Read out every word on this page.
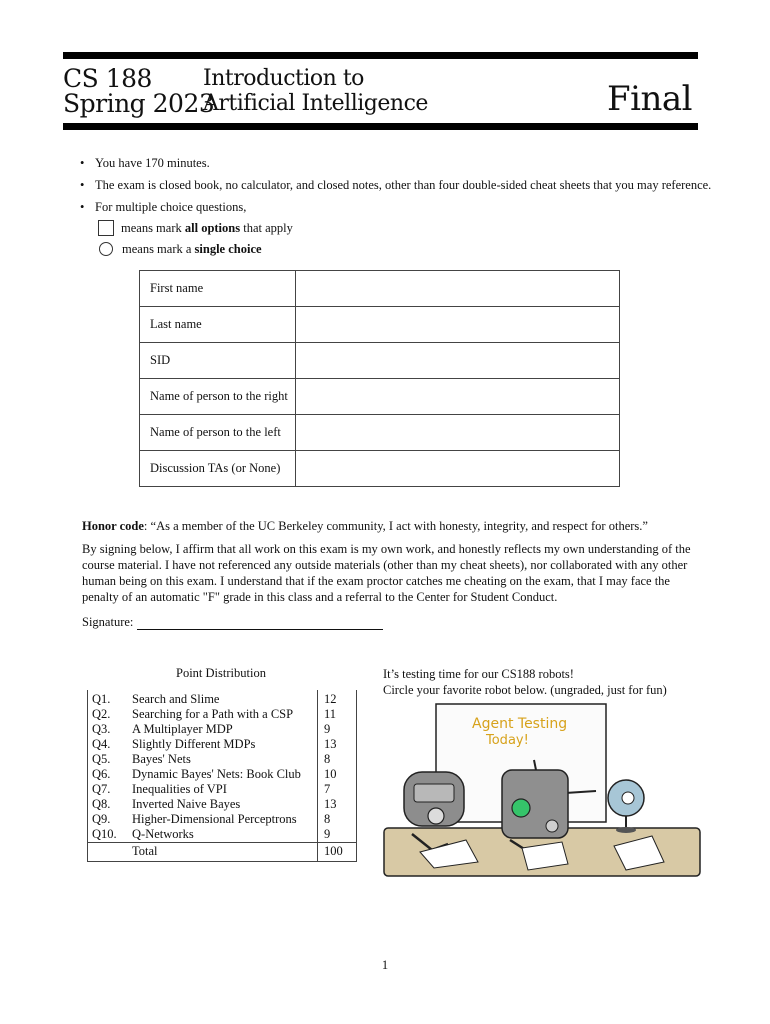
CS 188
Spring 2023
Introduction to
Artificial Intelligence	Final
• You have 170 minutes.
• The exam is closed book, no calculator, and closed notes, other than four double-sided cheat sheets that you may reference.
• For multiple choice questions,
means mark all options that apply
means mark a single choice
First name	
Last name	
SID	
Name of person to the right	
Name of person to the left	
Discussion TAs (or None)	
Honor code: “As a member of the UC Berkeley community, I act with honesty, integrity, and respect for others.”
By signing below, I affirm that all work on this exam is my own work, and honestly reflects my own understanding of the course material. I have not referenced any outside materials (other than my cheat sheets), nor collaborated with any other human being on this exam. I understand that if the exam proctor catches me cheating on the exam, that I may face the penalty of an automatic "F" grade in this class and a referral to the Center for Student Conduct.
Signature:
Point Distribution
Q1.	Search and Slime	12
Q2.	Searching for a Path with a CSP	11
Q3.	A Multiplayer MDP	9
Q4.	Slightly Different MDPs	13
Q5.	Bayes' Nets	8
Q6.	Dynamic Bayes' Nets: Book Club	10
Q7.	Inequalities of VPI	7
Q8.	Inverted Naive Bayes	13
Q9.	Higher-Dimensional Perceptrons	8
Q10.	Q-Networks	9
	Total	100
It’s testing time for our CS188 robots!
Circle your favorite robot below. (ungraded, just for fun)
Agent Testing
Today!
1
